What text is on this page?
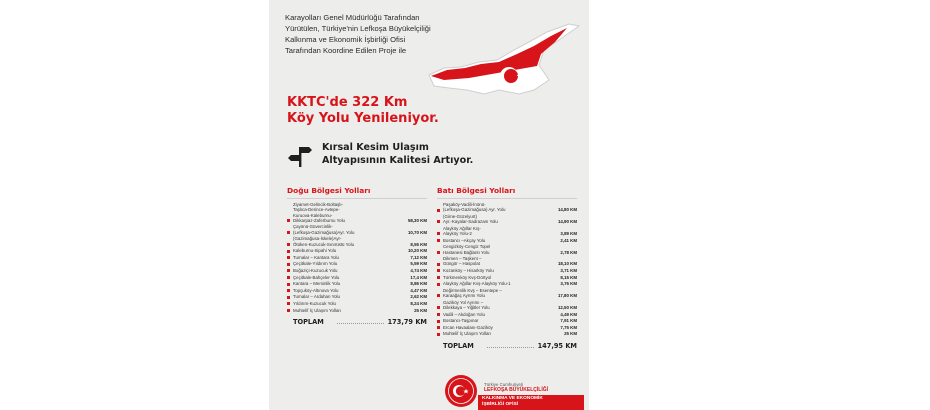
Karayolları Genel Müdürlüğü Tarafından
Yürütülen, Türkiye'nin Lefkoşa Büyükelçiliği
Kalkınma ve Ekonomik İşbirliği Ofisi
Tarafından Koordine Edilen Proje ile
KKTC'de 322 Km
Köy Yolu Yenileniyor.
Kırsal Kesim Ulaşım
Altyapısının Kalitesi Artıyor.
Doğu Bölgesi Yolları
Ziyamet-Gelincik-Boltaşlı-
Taşlıca-Derince-Avtepe-
Kuruova-Kaleburnu-
Dikkarpaz-Zaferburnu Yolu	58,30 KM
Çayönü-Güvercinlik-
(Lefkoşa-Gazimağusa)Ayr. Yolu	10,70 KM
(Gazimağusa-İskele)Ayr-
Ötüken-Kuzucuk-Sınırüstü Yolu	8,55 KM
Kaleburnu-Sipahi Yolu	10,20 KM
Turnalar – Kantara Yolu	7,12 KM
Çeçitkale-Yıldırım Yolu	5,59 KM
Boğaziçi-Kuzucuk Yolu	4,74 KM
Çeçitkale-Bahçeler Yolu	17,4 KM
Kantara – Mersinlik Yolu	8,86 KM
Topçuköy-Altınova Yolu	4,47 KM
Turnalar – Ardahan Yolu	2,62 KM
Yıldırım-Kuzucuk Yolu	8,24 KM
Muhtelif İç Ulaşım Yolları	25 KM
TOPLAM	173,79 KM
Batı Bölgesi Yolları
Paşaköy-Vadili-İnönü-
(Lefkoşa-Gazimağusa) Ayr. Yolu	14,80 KM
(Girne-Güzelyurt)
Ayr.-Kayalar-Sadrazam Yolu	14,90 KM
Alayköy Ağıllar Kış-
Alayköy Yolu-2	3,89 KM
Bostancı –Akçay Yolu	2,41 KM
Cengizköy-Cengiz Topel
Hastanesi Bağlantı Yolu	2,78 KM
Dikmen – Taşkent –
Güngör – Haspolat	18,10 KM
Kozanköy – Hisarköy Yolu	3,71 KM
Türkmenköy Kvş-Dörtyol	8,15 KM
Alayköy Ağıllar Kvş-Alayköy Yolu-1	3,76 KM
Değirmenlik Kvş – Esentepe –
Karaağaç Ayrımı Yolu	17,80 KM
Gaziköy Yol Ayrımı –
Dilekkaya – Yiğitler Yolu	12,50 KM
Vadili – Akdoğan Yolu	4,49 KM
Bostancı-Taşpınar	7,91 KM
Ercan Havaalanı-Gaziköy	7,75 KM
Muhtelif İç Ulaşım Yolları	25 KM
TOPLAM	147,95 KM
Türkiye Cumhuriyeti
LEFKOŞA BÜYÜKELÇİLİĞİ
KALKINMA VE EKONOMİK
İŞBİRLİĞİ OFİSİ
